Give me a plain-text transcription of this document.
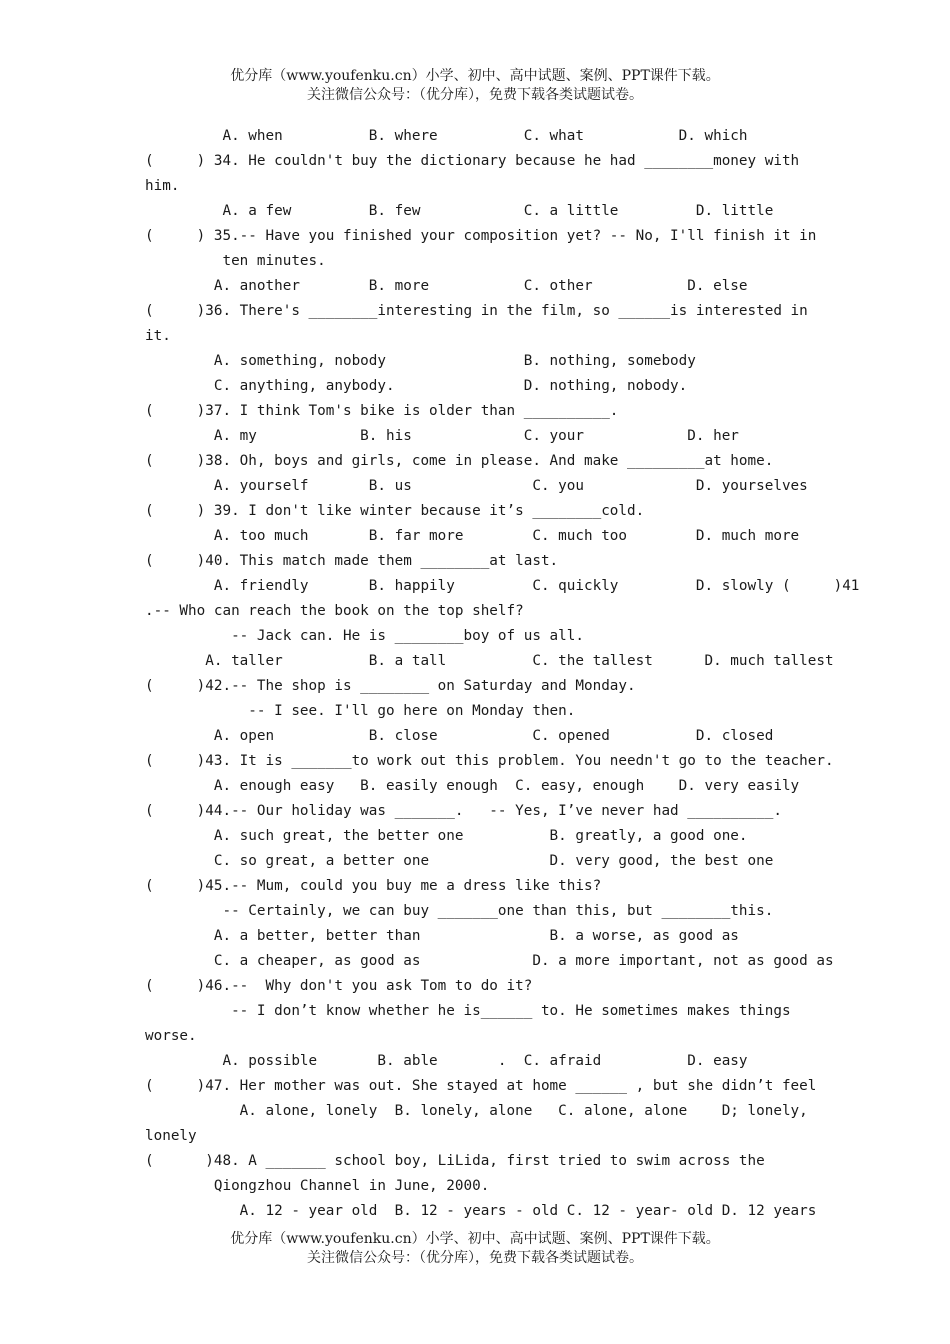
优分库（www.youfenku.cn）小学、初中、高中试题、案例、PPT课件下载。
关注微信公众号：（优分库），免费下载各类试题试卷。
A. when          B. where          C. what           D. which
(     ) 34. He couldn't buy the dictionary because he had ________money with
him.
A. a few         B. few            C. a little         D. little
(     ) 35.-- Have you finished your composition yet? -- No, I'll finish it in
ten minutes.
A. another        B. more           C. other           D. else
(     )36. There's ________interesting in the film, so ______is interested in
it.
A. something, nobody                B. nothing, somebody
C. anything, anybody.               D. nothing, nobody.
(     )37. I think Tom's bike is older than __________.
A. my            B. his             C. your            D. her
(     )38. Oh, boys and girls, come in please. And make _________at home.
A. yourself       B. us              C. you             D. yourselves
(     ) 39. I don't like winter because it’s ________cold.
A. too much       B. far more        C. much too        D. much more
(     )40. This match made them ________at last.
A. friendly       B. happily         C. quickly         D. slowly (     )41
.-- Who can reach the book on the top shelf?
-- Jack can. He is ________boy of us all.
A. taller          B. a tall          C. the tallest      D. much tallest
(     )42.-- The shop is ________ on Saturday and Monday.
-- I see. I'll go here on Monday then.
A. open           B. close           C. opened          D. closed
(     )43. It is _______to work out this problem. You needn't go to the teacher.
A. enough easy   B. easily enough  C. easy, enough    D. very easily
(     )44.-- Our holiday was _______.   -- Yes, I’ve never had __________.
A. such great, the better one          B. greatly, a good one.
C. so great, a better one              D. very good, the best one
(     )45.-- Mum, could you buy me a dress like this?
-- Certainly, we can buy _______one than this, but ________this.
A. a better, better than               B. a worse, as good as
C. a cheaper, as good as             D. a more important, not as good as
(     )46.--  Why don't you ask Tom to do it?
-- I don’t know whether he is______ to. He sometimes makes things
worse.
A. possible       B. able       .  C. afraid          D. easy
(     )47. Her mother was out. She stayed at home ______ , but she didn’t feel
A. alone, lonely  B. lonely, alone   C. alone, alone    D; lonely,
lonely
(      )48. A _______ school boy, LiLida, first tried to swim across the
Qiongzhou Channel in June, 2000.
A. 12 - year old  B. 12 - years - old C. 12 - year- old D. 12 years
优分库（www.youfenku.cn）小学、初中、高中试题、案例、PPT课件下载。
关注微信公众号：（优分库），免费下载各类试题试卷。
